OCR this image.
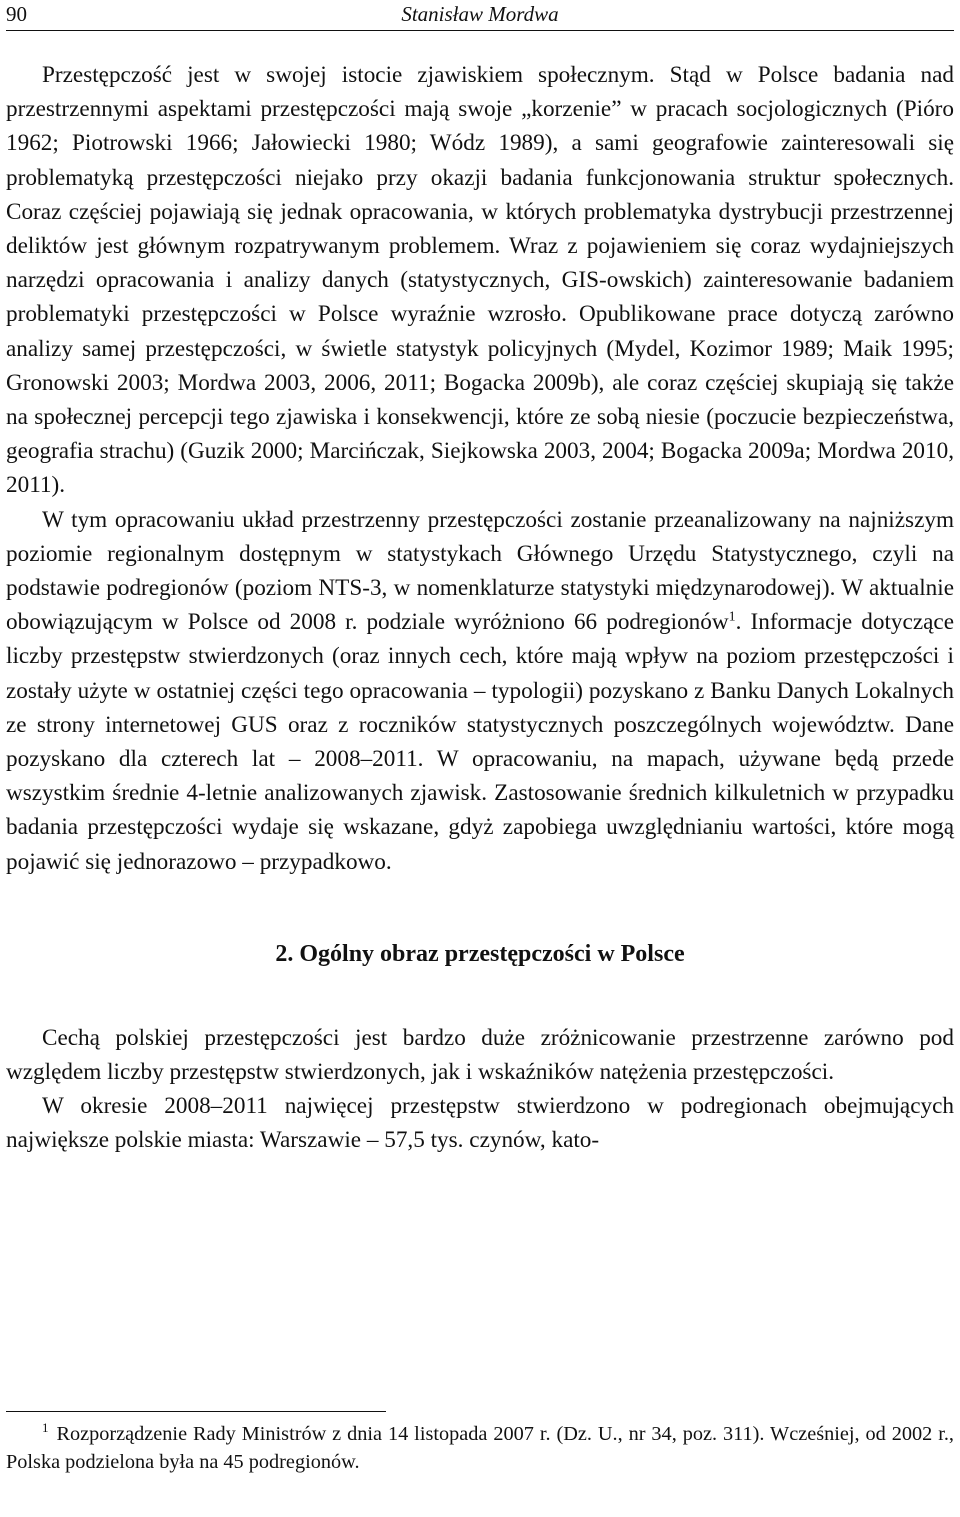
90	Stanisław Mordwa

Przestępczość jest w swojej istocie zjawiskiem społecznym. Stąd w Polsce badania nad przestrzennymi aspektami przestępczości mają swoje „korzenie” w pracach socjologicznych (Pióro 1962; Piotrowski 1966; Jałowiecki 1980; Wódz 1989), a sami geografowie zainteresowali się problematyką przestępczości niejako przy okazji badania funkcjonowania struktur społecznych. Coraz częściej pojawiają się jednak opracowania, w których problematyka dystrybucji przestrzennej deliktów jest głównym rozpatrywanym problemem. Wraz z pojawieniem się coraz wydajniejszych narzędzi opracowania i analizy danych (statystycznych, GIS-owskich) zainteresowanie badaniem problematyki przestępczości w Polsce wyraźnie wzrosło. Opublikowane prace dotyczą zarówno analizy samej przestępczości, w świetle statystyk policyjnych (Mydel, Kozimor 1989; Maik 1995; Gronowski 2003; Mordwa 2003, 2006, 2011; Bogacka 2009b), ale coraz częściej skupiają się także na społecznej percepcji tego zjawiska i konsekwencji, które ze sobą niesie (poczucie bezpieczeństwa, geografia strachu) (Guzik 2000; Marcińczak, Siejkowska 2003, 2004; Bogacka 2009a; Mordwa 2010, 2011).

W tym opracowaniu układ przestrzenny przestępczości zostanie przeanalizowany na najniższym poziomie regionalnym dostępnym w statystykach Głównego Urzędu Statystycznego, czyli na podstawie podregionów (poziom NTS-3, w nomenklaturze statystyki międzynarodowej). W aktualnie obowiązującym w Polsce od 2008 r. podziale wyróżniono 66 podregionów$^1$. Informacje dotyczące liczby przestępstw stwierdzonych (oraz innych cech, które mają wpływ na poziom przestępczości i zostały użyte w ostatniej części tego opracowania – typologii) pozyskano z Banku Danych Lokalnych ze strony internetowej GUS oraz z roczników statystycznych poszczególnych województw. Dane pozyskano dla czterech lat – 2008–2011. W opracowaniu, na mapach, używane będą przede wszystkim średnie 4-letnie analizowanych zjawisk. Zastosowanie średnich kilkuletnich w przypadku badania przestępczości wydaje się wskazane, gdyż zapobiega uwzględnianiu wartości, które mogą pojawić się jednorazowo – przypadkowo.

2. Ogólny obraz przestępczości w Polsce

Cechą polskiej przestępczości jest bardzo duże zróżnicowanie przestrzenne zarówno pod względem liczby przestępstw stwierdzonych, jak i wskaźników natężenia przestępczości.

W okresie 2008–2011 najwięcej przestępstw stwierdzono w podregionach obejmujących największe polskie miasta: Warszawie – 57,5 tys. czynów, kato-

$^1$ Rozporządzenie Rady Ministrów z dnia 14 listopada 2007 r. (Dz. U., nr 34, poz. 311). Wcześniej, od 2002 r., Polska podzielona była na 45 podregionów.
